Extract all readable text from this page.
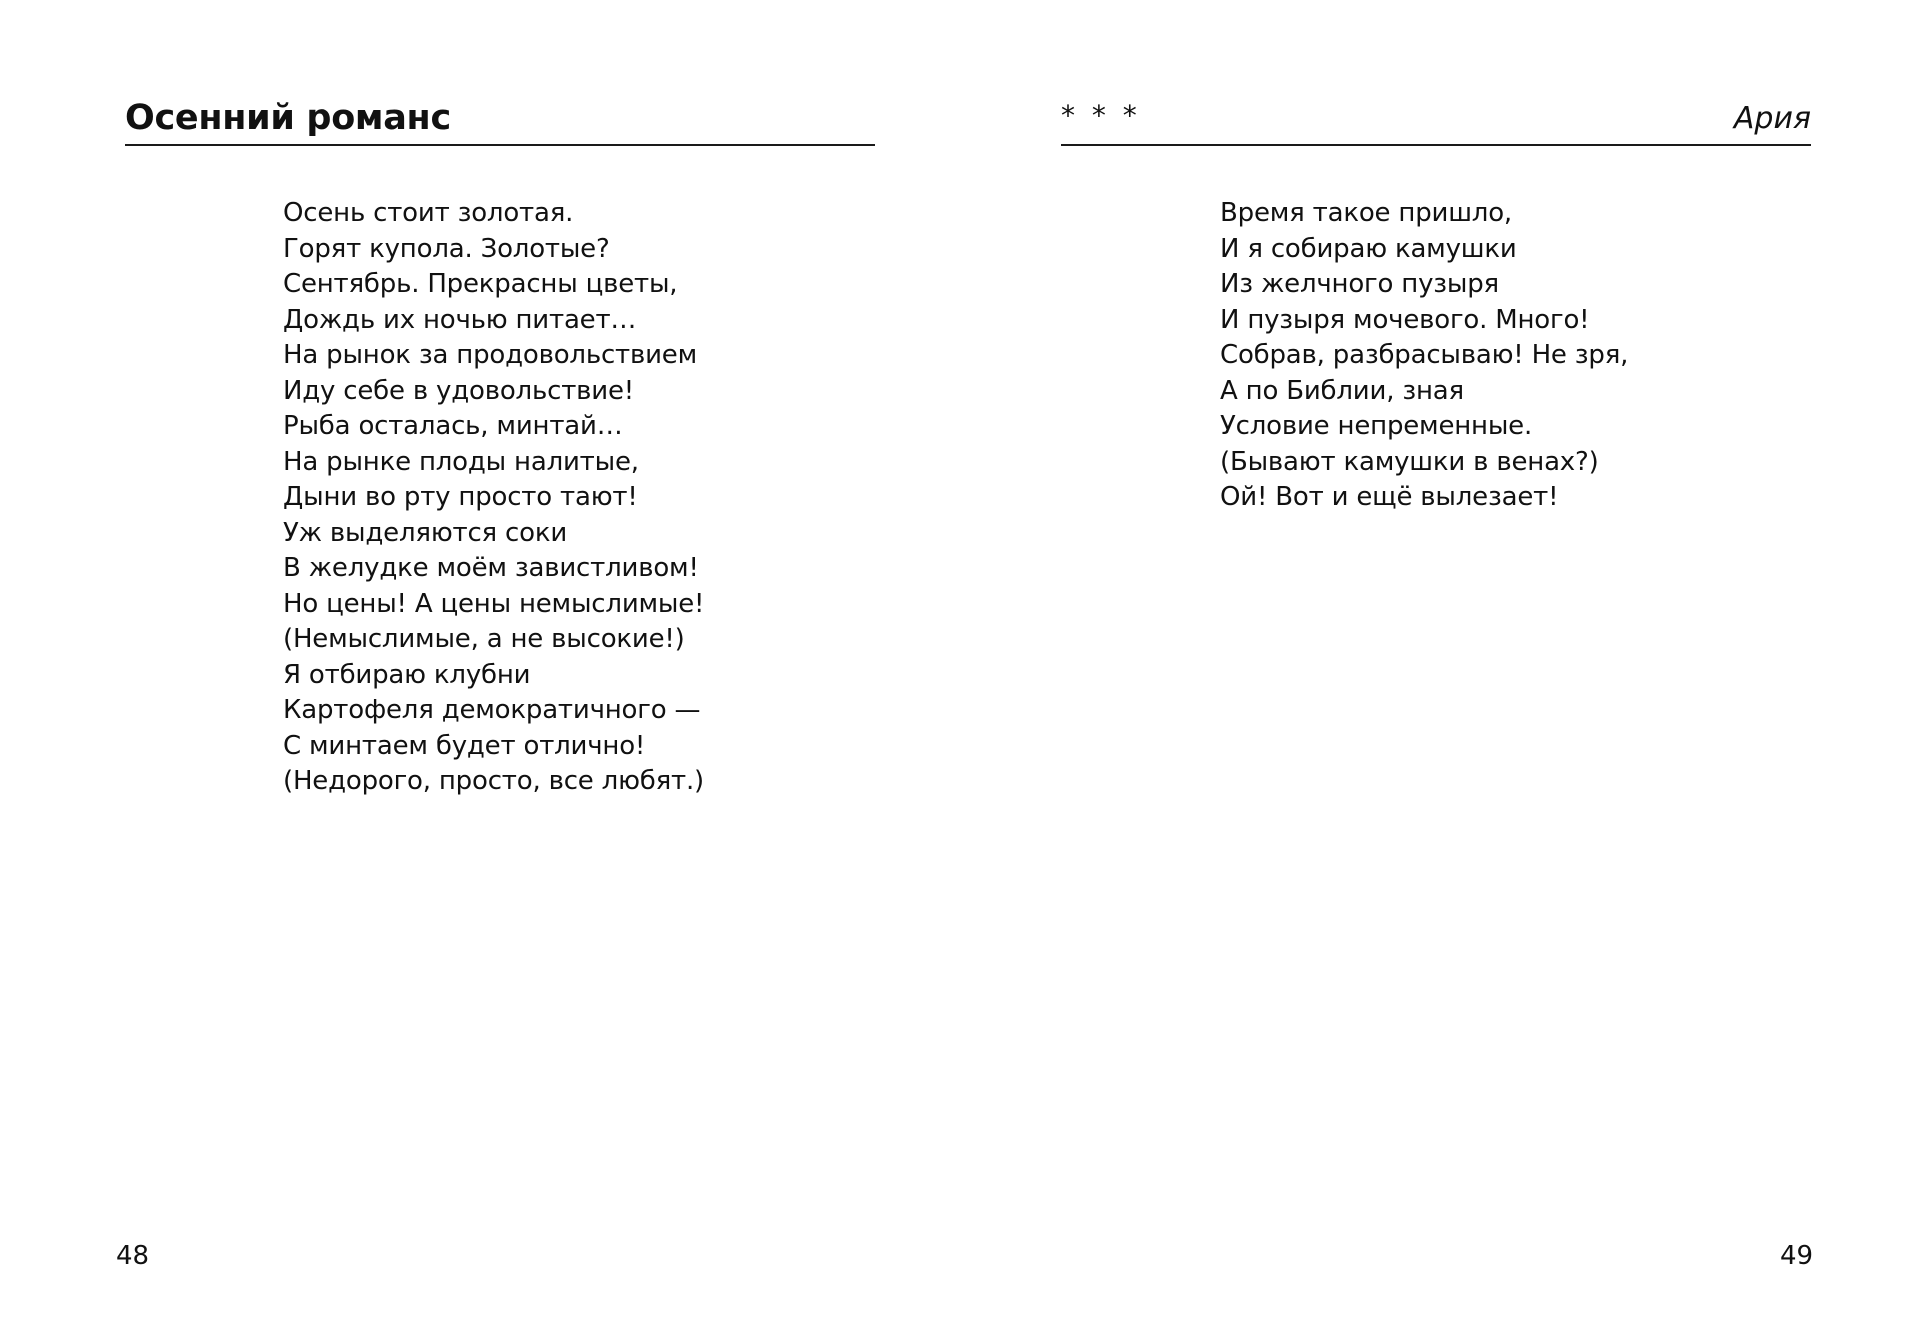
Осенний романс
Осень стоит золотая.
Горят купола. Золотые?
Сентябрь. Прекрасны цветы,
Дождь их ночью питает…
На рынок за продовольствием
Иду себе в удовольствие!
Рыба осталась, минтай…
На рынке плоды налитые,
Дыни во рту просто тают!
Уж выделяются соки
В желудке моём завистливом!
Но цены! А цены немыслимые!
(Немыслимые, а не высокие!)
Я отбираю клубни
Картофеля демократичного —
С минтаем будет отлично!
(Недорого, просто, все любят.)
48
* * *	Ария
Время такое пришло,
И я собираю камушки
Из желчного пузыря
И пузыря мочевого. Много!
Собрав, разбрасываю! Не зря,
А по Библии, зная
Условие непременные.
(Бывают камушки в венах?)
Ой! Вот и ещё вылезает!
49
